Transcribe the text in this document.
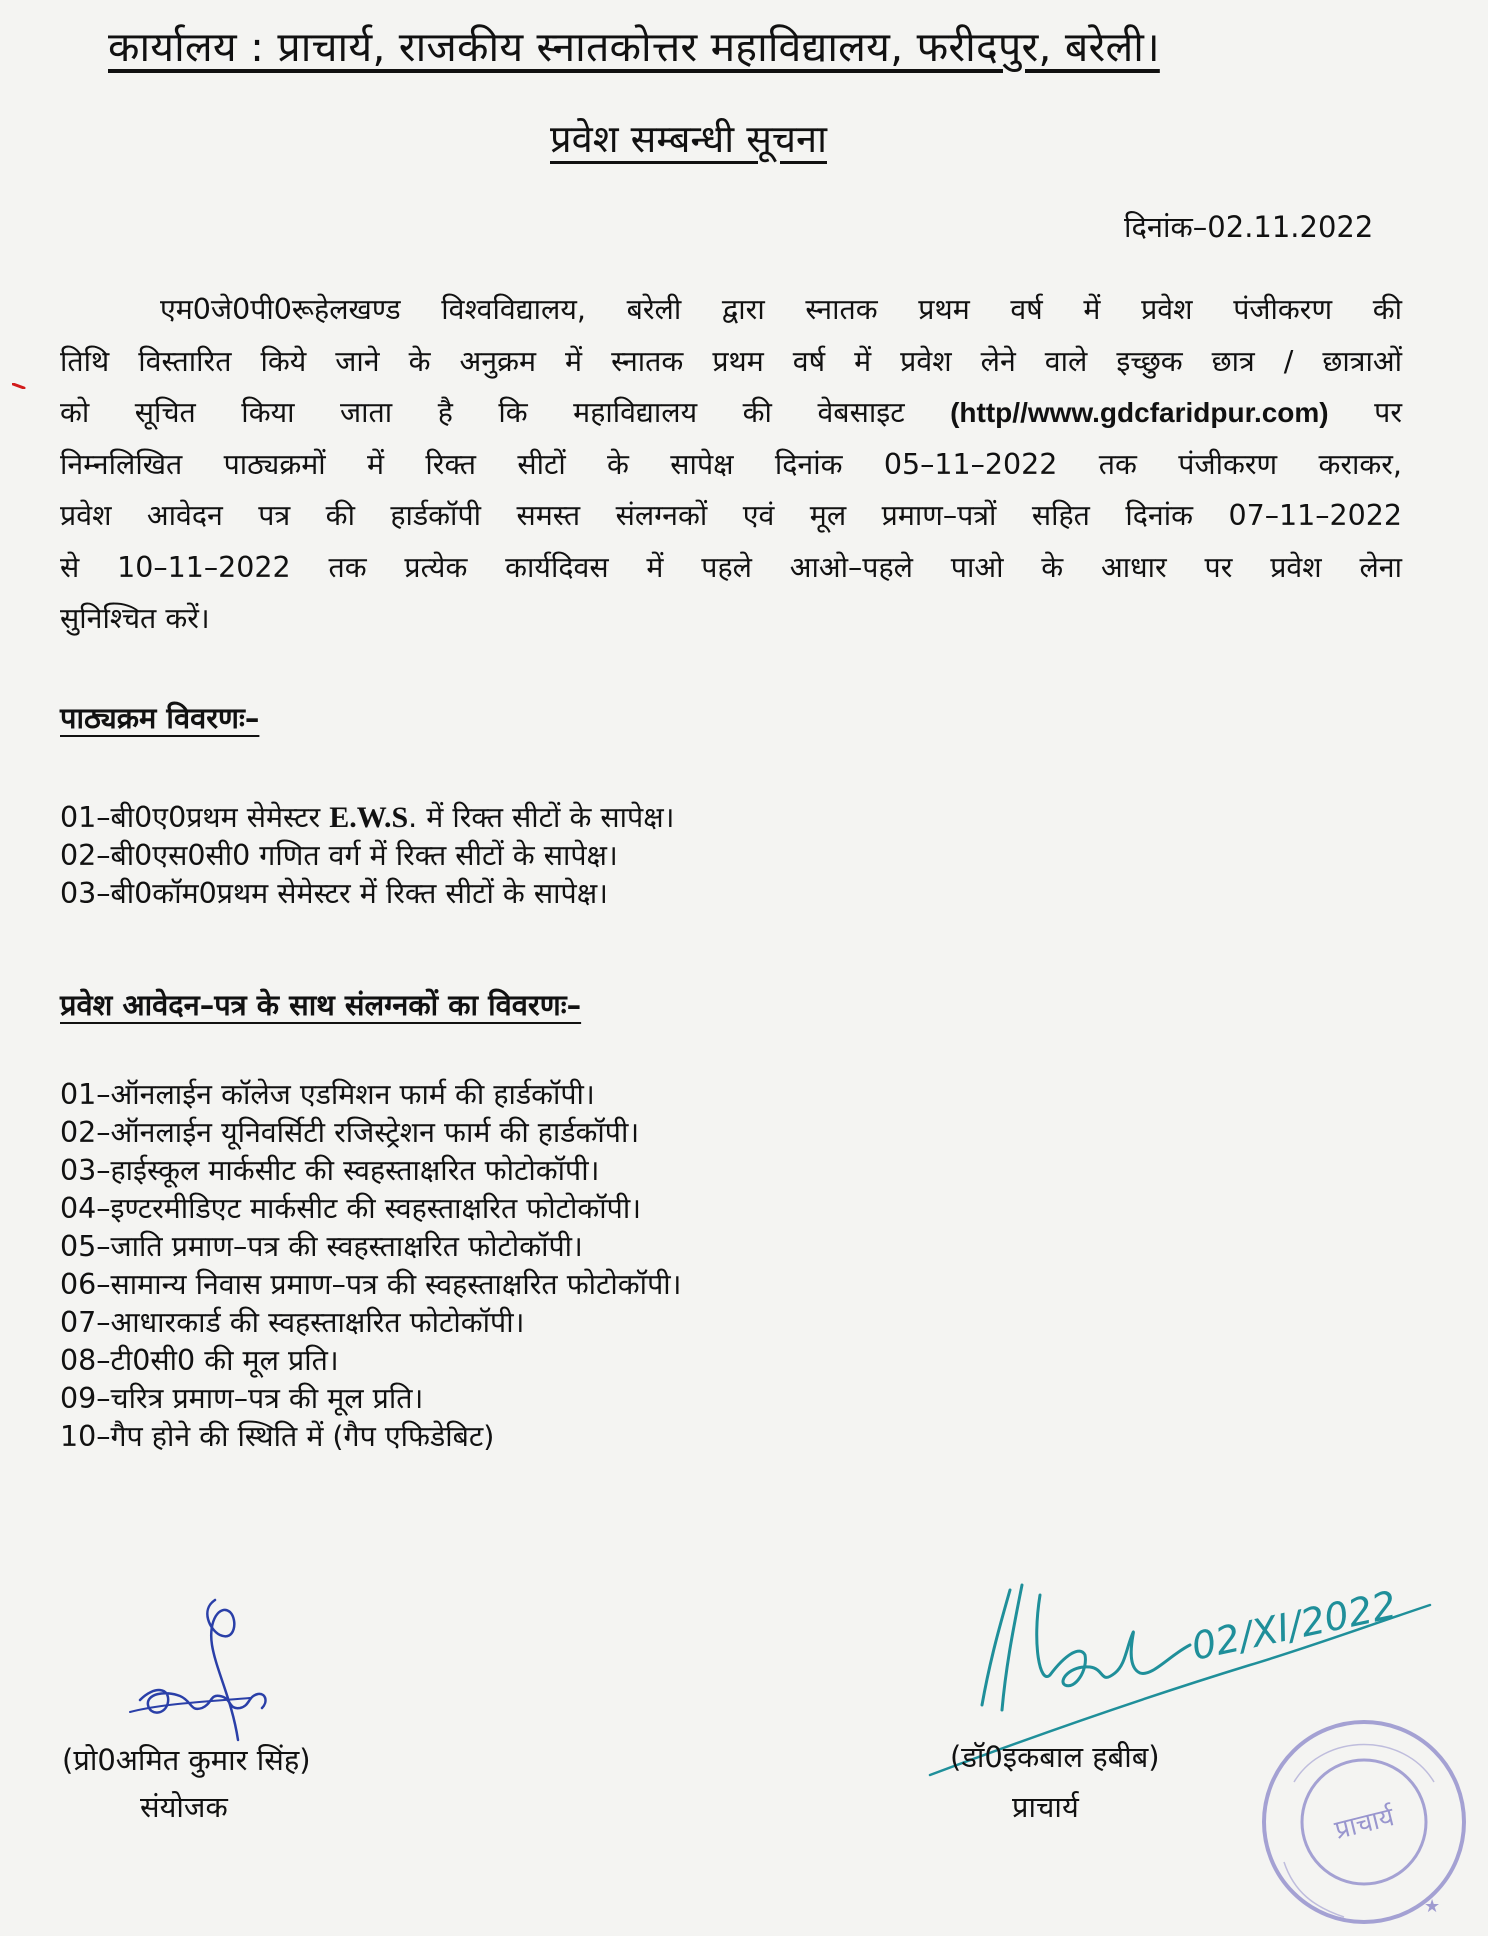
कार्यालय : प्राचार्य, राजकीय स्नातकोत्तर महाविद्यालय, फरीदपुर, बरेली।
प्रवेश सम्बन्धी सूचना
दिनांक–02.11.2022
एम0जे0पी0रूहेलखण्ड विश्वविद्यालय, बरेली द्वारा स्नातक प्रथम वर्ष में प्रवेश पंजीकरण की
तिथि विस्तारित किये जाने के अनुक्रम में स्नातक प्रथम वर्ष में प्रवेश लेने वाले इच्छुक छात्र / छात्राओं
को सूचित किया जाता है कि महाविद्यालय की वेबसाइट (http//www.gdcfaridpur.com) पर
निम्नलिखित पाठ्यक्रमों में रिक्त सीटों के सापेक्ष दिनांक 05–11–2022 तक पंजीकरण कराकर,
प्रवेश आवेदन पत्र की हार्डकॉपी समस्त संलग्नकों एवं मूल प्रमाण–पत्रों सहित दिनांक 07–11–2022
से 10–11–2022 तक प्रत्येक कार्यदिवस में पहले आओ–पहले पाओ के आधार पर प्रवेश लेना
सुनिश्चित करें।
पाठ्यक्रम विवरणः–
01–बी0ए0प्रथम सेमेस्टर E.W.S. में रिक्त सीटों के सापेक्ष।
02–बी0एस0सी0 गणित वर्ग में रिक्त सीटों के सापेक्ष।
03–बी0कॉम0प्रथम सेमेस्टर में रिक्त सीटों के सापेक्ष।
प्रवेश आवेदन–पत्र के साथ संलग्नकों का विवरणः–
01–ऑनलाईन कॉलेज एडमिशन फार्म की हार्डकॉपी।
02–ऑनलाईन यूनिवर्सिटी रजिस्ट्रेशन फार्म की हार्डकॉपी।
03–हाईस्कूल मार्कसीट की स्वहस्ताक्षरित फोटोकॉपी।
04–इण्टरमीडिएट मार्कसीट की स्वहस्ताक्षरित फोटोकॉपी।
05–जाति प्रमाण–पत्र की स्वहस्ताक्षरित फोटोकॉपी।
06–सामान्य निवास प्रमाण–पत्र की स्वहस्ताक्षरित फोटोकॉपी।
07–आधारकार्ड की स्वहस्ताक्षरित फोटोकॉपी।
08–टी0सी0 की मूल प्रति।
09–चरित्र प्रमाण–पत्र की मूल प्रति।
10–गैप होने की स्थिति में (गैप एफिडेबिट)
02/XI/2022
(प्रो0अमित कुमार सिंह)
संयोजक
(डॉ0इकबाल हबीब)
प्राचार्य	प्राचार्य
★
